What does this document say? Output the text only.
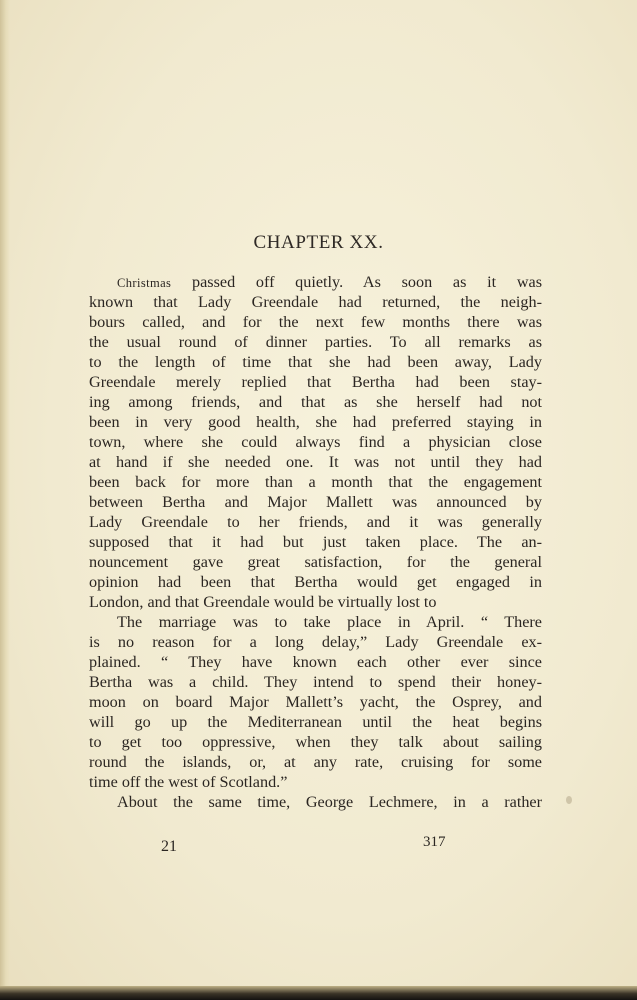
CHAPTER XX.
Christmas passed off quietly. As soon as it was
known that Lady Greendale had returned, the neigh-
bours called, and for the next few months there was
the usual round of dinner parties. To all remarks as
to the length of time that she had been away, Lady
Greendale merely replied that Bertha had been stay-
ing among friends, and that as she herself had not
been in very good health, she had preferred staying in
town, where she could always find a physician close
at hand if she needed one. It was not until they had
been back for more than a month that the engagement
between Bertha and Major Mallett was announced by
Lady Greendale to her friends, and it was generally
supposed that it had but just taken place. The an-
nouncement gave great satisfaction, for the general
opinion had been that Bertha would get engaged in
London, and that Greendale would be virtually lost to
The marriage was to take place in April. “ There
is no reason for a long delay,” Lady Greendale ex-
plained. “ They have known each other ever since
Bertha was a child. They intend to spend their honey-
moon on board Major Mallett’s yacht, the Osprey, and
will go up the Mediterranean until the heat begins
to get too oppressive, when they talk about sailing
round the islands, or, at any rate, cruising for some
time off the west of Scotland.”
About the same time, George Lechmere, in a rather
21	317
